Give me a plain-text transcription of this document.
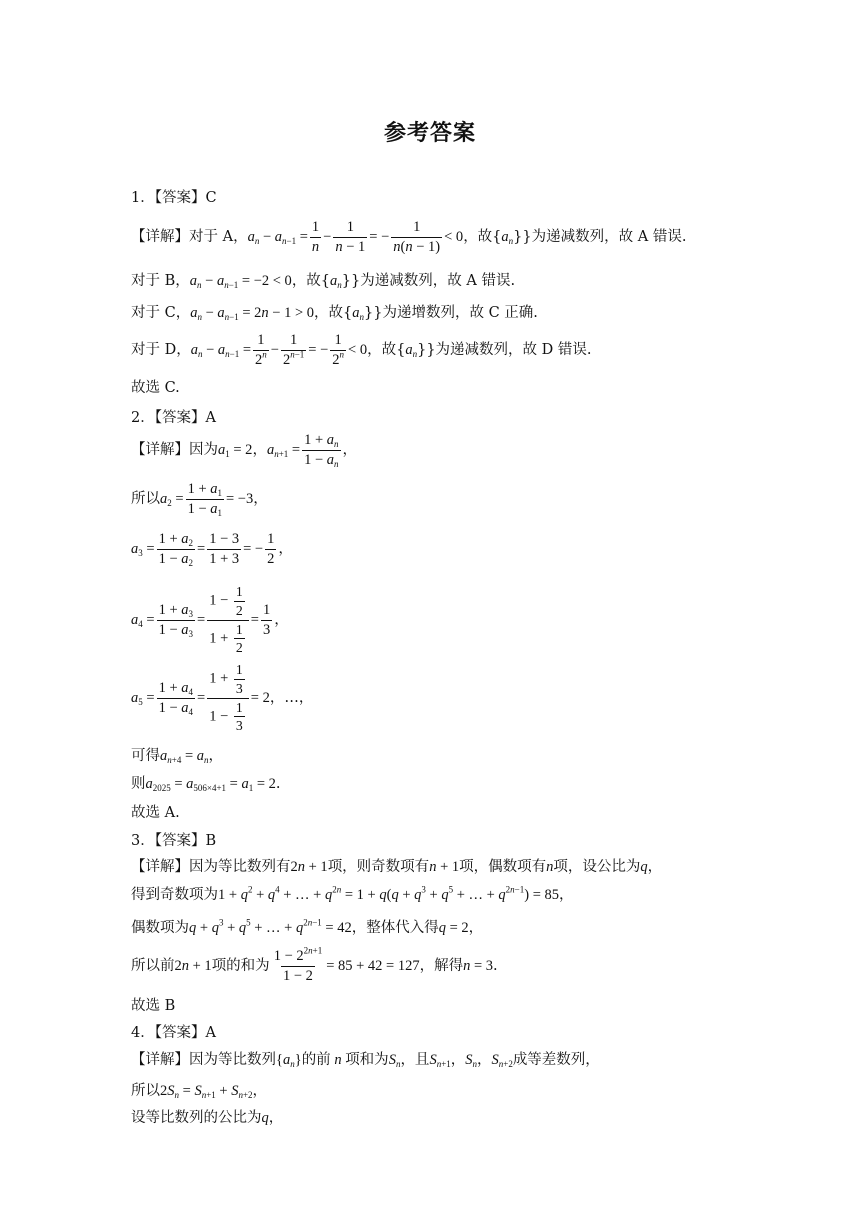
参考答案
1．【答案】C
【详解】对于 A， $a_n - a_{n-1} = \frac{1}{n} - \frac{1}{n - 1}$ = − $\frac{1}{n(n - 1)} < 0$ ，故$\{a_n\}$ }为递减数列，故 A 错误.
对于 B， $a_n - a_{n-1} = -2 < 0$ ，故$\{a_n\}$ }为递减数列，故 A 错误.
对于 C， $a_n - a_{n-1} = 2n - 1 > 0$ ，故$\{a_n\}$ }为递增数列，故 C 正确.
对于 D， $a_n - a_{n-1} = \frac{1}{2^n} - \frac{1}{2^{n-1}}$ = − $\frac{1}{2^n} < 0$ ，故$\{a_n\}$ }为递减数列，故 D 错误.
故选 C.
2．【答案】A
【详解】因为 $a_1 = 2$ ， $a_{n+1} = \frac{1 + a_n}{1 - a_n}$ ，
所以 $a_2 = \frac{1 + a_1}{1 - a_1} = -3$ ，
$a_3 = \frac{1 + a_2}{1 - a_2} = \frac{1 - 3}{1 + 3}$ = − $\frac{1}{2}$ ，
$a_4 = \frac{1 + a_3}{1 - a_3} = \frac{1 - \frac{1}{2}}{1 + \frac{1}{2}} = \frac{1}{3}$ ，
$a_5 = \frac{1 + a_4}{1 - a_4} = \frac{1 + \frac{1}{3}}{1 - \frac{1}{3}} = 2$ ，…，
可得 $a_{n+4} = a_n$ ，
则 $a_{2025} = a_{506\times 4+1} = a_1 = 2$ .
故选 A.
3．【答案】B
【详解】因为等比数列有 2n + 1 项，则奇数项有 n + 1 项，偶数项有 n 项，设公比为 q ，
得到奇数项为 $1 + q^2 + q^4$ + … + $q^{2n} = 1 + q(q + q^3 + q^5$ + … + $q^{2n-1}) = 85$ ，
偶数项为 $q + q^3 + q^5$ + … + $q^{2n-1} = 42$ ，整体代入得 q = 2 ，
所以前 2n + 1 项的和为 $\frac{1 - 2^{2n+1}}{1 - 2} = 85 + 42 = 127$ ，解得 n = 3 .
故选 B
4．【答案】A
【详解】因为等比数列 $\{a_n\}$ 的前 n 项和为 $S_n$ ，且 $S_{n+1}$ ， $S_n$ ， $S_{n+2}$ 成等差数列，
所以 $2S_n = S_{n+1} + S_{n+2}$ ，
设等比数列的公比为 q ，
